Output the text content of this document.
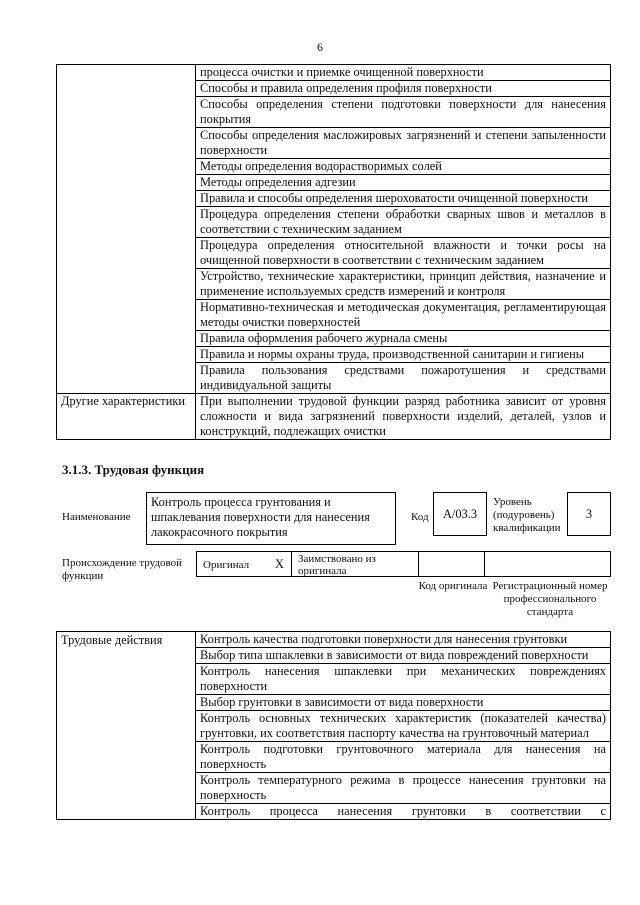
6
	процесса очистки и приемке очищенной поверхности
	Способы и правила определения профиля поверхности
	Способы определения степени подготовки поверхности для нанесения покрытия
	Способы определения масложировых загрязнений и степени запыленности поверхности
	Методы определения водорастворимых солей
	Методы определения адгезии
	Правила и способы определения шероховатости очищенной поверхности
	Процедура определения степени обработки сварных швов и металлов в соответствии с техническим заданием
	Процедура определения относительной влажности и точки росы на очищенной поверхности в соответствии с техническим заданием
	Устройство, технические характеристики, принцип действия, назначение и применение используемых средств измерений и контроля
	Нормативно-техническая и методическая документация, регламентирующая методы очистки поверхностей
	Правила оформления рабочего журнала смены
	Правила и нормы охраны труда, производственной санитарии и гигиены
	Правила пользования средствами пожаротушения и средствами индивидуальной защиты
Другие характеристики	При выполнении трудовой функции разряд работника зависит от уровня сложности и вида загрязнений поверхности изделий, деталей, узлов и конструкций, подлежащих очистки
3.1.3. Трудовая функция
Наименование
Контроль процесса грунтования и шпаклевания поверхности для нанесения лакокрасочного покрытия
Код	A/03.3
Уровень (подуровень) квалификации
3
Происхождение трудовой функции
Оригинал X Заимствовано из оригинала
Код оригинала Регистрационный номер профессионального стандарта
Трудовые действия	Контроль качества подготовки поверхности для нанесения грунтовки
Выбор типа шпаклевки в зависимости от вида повреждений поверхности
Контроль нанесения шпаклевки при механических повреждениях поверхности
Выбор грунтовки в зависимости от вида поверхности
Контроль основных технических характеристик (показателей качества) грунтовки, их соответствия паспорту качества на грунтовочный материал
Контроль подготовки грунтовочного материала для нанесения на поверхность
Контроль температурного режима в процессе нанесения грунтовки на поверхность
Контроль процесса нанесения грунтовки в соответствии с
